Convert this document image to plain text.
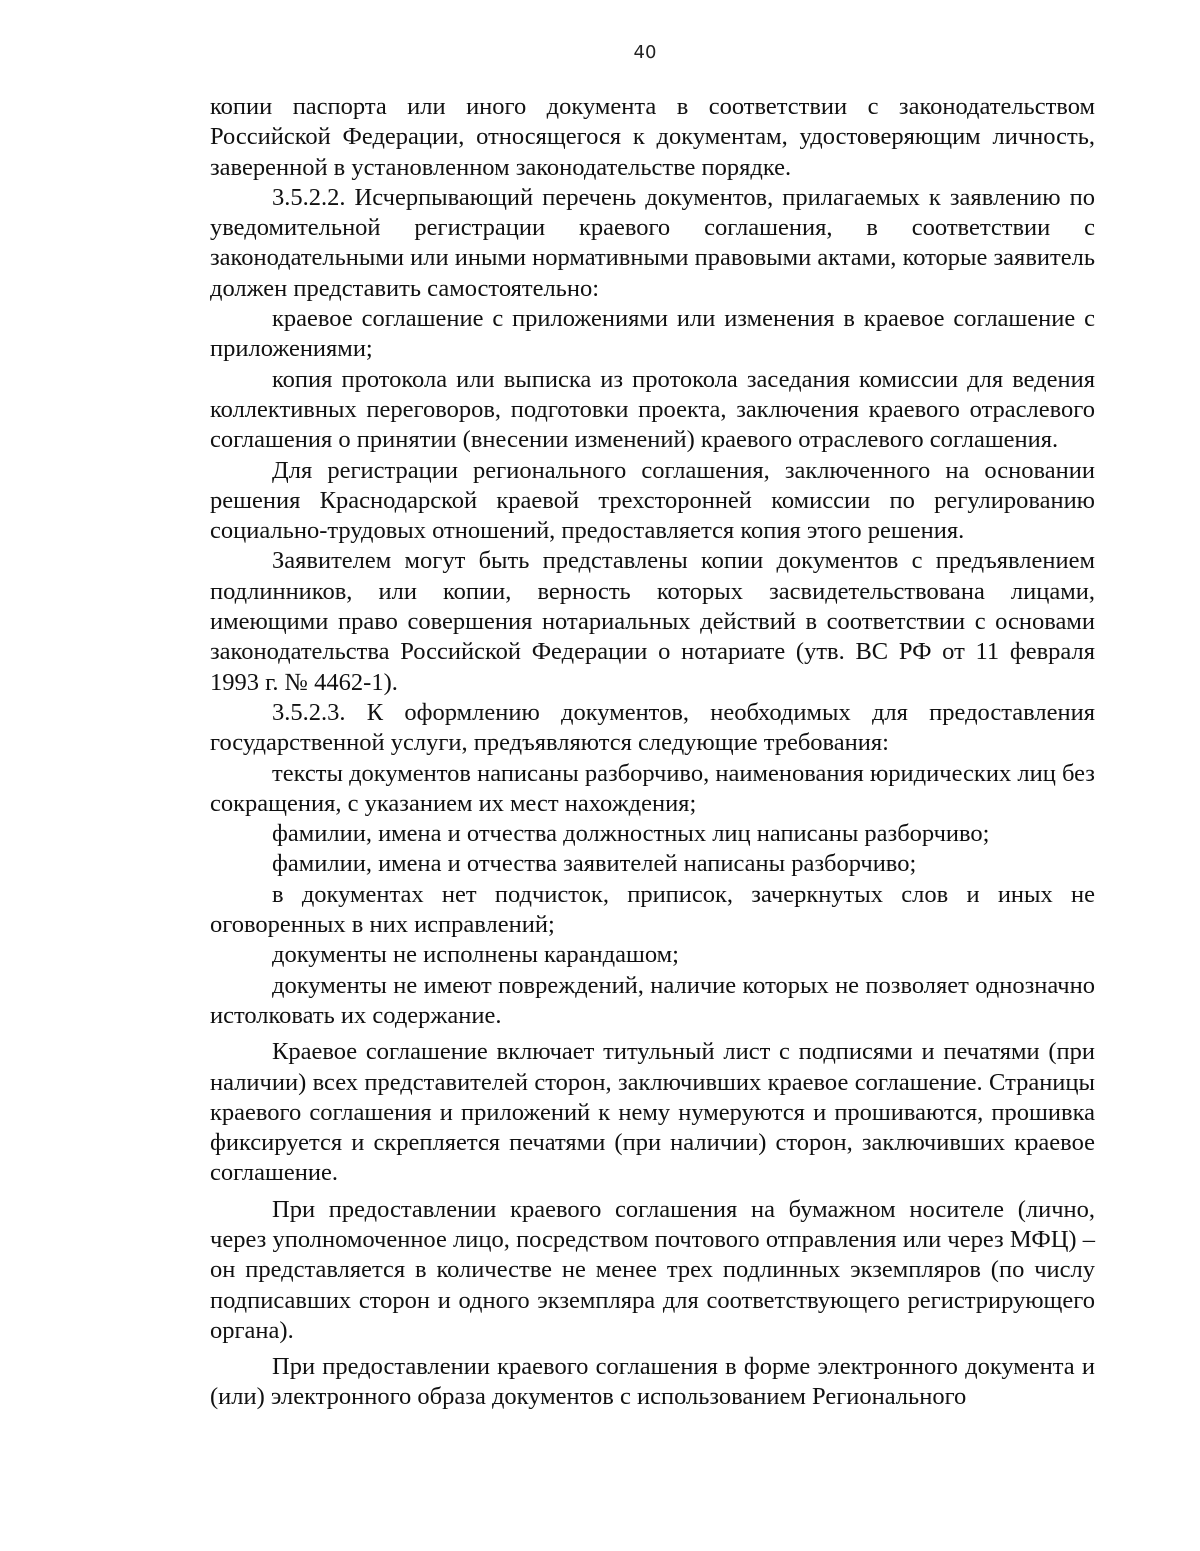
40

копии паспорта или иного документа в соответствии с законодательством Российской Федерации, относящегося к документам, удостоверяющим личность, заверенной в установленном законодательстве порядке.

3.5.2.2. Исчерпывающий перечень документов, прилагаемых к заявлению по уведомительной регистрации краевого соглашения, в соответствии с законодательными или иными нормативными правовыми актами, которые заявитель должен представить самостоятельно:

краевое соглашение с приложениями или изменения в краевое соглашение с приложениями;

копия протокола или выписка из протокола заседания комиссии для ведения коллективных переговоров, подготовки проекта, заключения краевого отраслевого соглашения о принятии (внесении изменений) краевого отраслевого соглашения.

Для регистрации регионального соглашения, заключенного на основании решения Краснодарской краевой трехсторонней комиссии по регулированию социально-трудовых отношений, предоставляется копия этого решения.

Заявителем могут быть представлены копии документов с предъявлением подлинников, или копии, верность которых засвидетельствована лицами, имеющими право совершения нотариальных действий в соответствии с основами законодательства Российской Федерации о нотариате (утв. ВС РФ от 11 февраля 1993 г. № 4462-1).

3.5.2.3. К оформлению документов, необходимых для предоставления государственной услуги, предъявляются следующие требования:

тексты документов написаны разборчиво, наименования юридических лиц без сокращения, с указанием их мест нахождения;

фамилии, имена и отчества должностных лиц написаны разборчиво;

фамилии, имена и отчества заявителей написаны разборчиво;

в документах нет подчисток, приписок, зачеркнутых слов и иных не оговоренных в них исправлений;

документы не исполнены карандашом;

документы не имеют повреждений, наличие которых не позволяет однозначно истолковать их содержание.

Краевое соглашение включает титульный лист с подписями и печатями (при наличии) всех представителей сторон, заключивших краевое соглашение. Страницы краевого соглашения и приложений к нему нумеруются и прошиваются, прошивка фиксируется и скрепляется печатями (при наличии) сторон, заключивших краевое соглашение.

При предоставлении краевого соглашения на бумажном носителе (лично, через уполномоченное лицо, посредством почтового отправления или через МФЦ) – он представляется в количестве не менее трех подлинных экземпляров (по числу подписавших сторон и одного экземпляра для соответствующего регистрирующего органа).

При предоставлении краевого соглашения в форме электронного документа и (или) электронного образа документов с использованием Регионального
